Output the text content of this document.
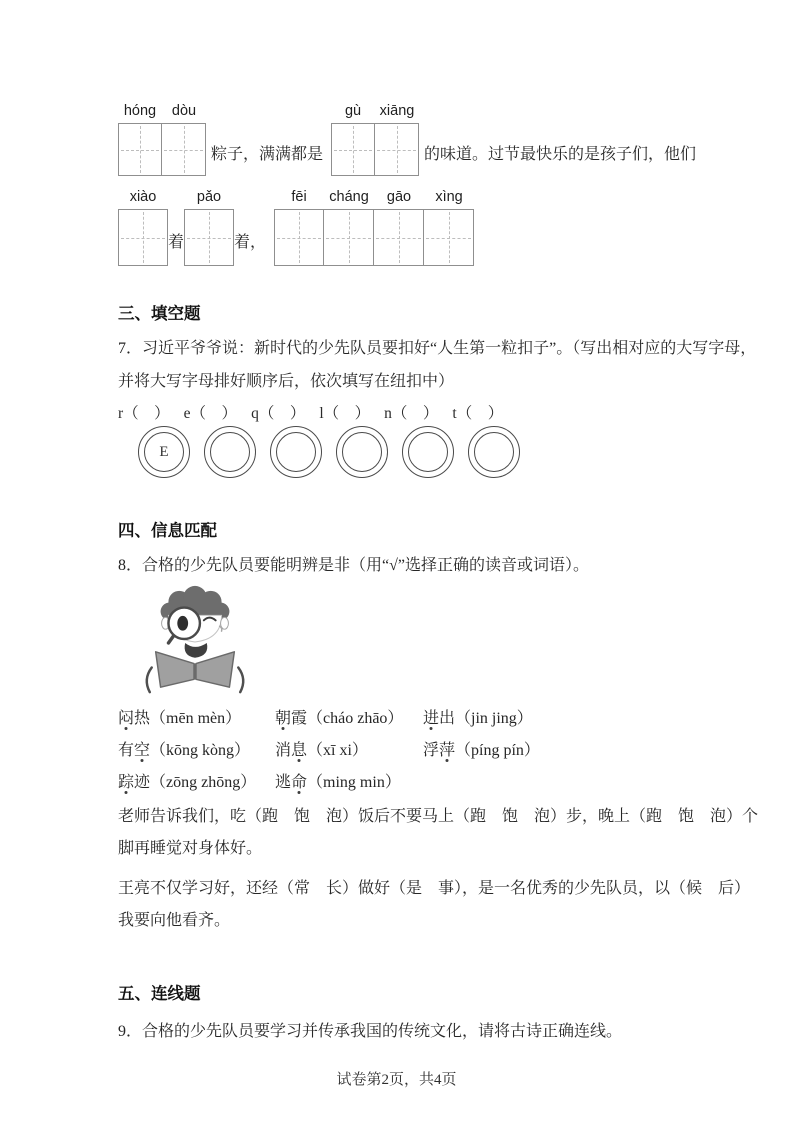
hóng	dòu
粽子，满满都是
gù	xiāng
的味道。过节最快乐的是孩子们，他们
xiào
着
pǎo
着，
fēi	cháng	gāo	xìng
三、填空题
7．习近平爷爷说：新时代的少先队员要扣好“人生第一粒扣子”。（写出相对应的大写字母，
并将大写字母排好顺序后，依次填写在纽扣中）
r（　） e（　） q（　） l（　） n（　） t（　）
E
四、信息匹配
8．合格的少先队员要能明辨是非（用“√”选择正确的读音或词语）。
闷热（mēn mèn）	朝霞（cháo zhāo）	进出（jin jing）
有空（kōng kòng）	消息（xī xi）	浮萍（píng pín）
踪迹（zōng zhōng）	逃命（ming min）
老师告诉我们，吃（跑　饱　泡）饭后不要马上（跑　饱　泡）步，晚上（跑　饱　泡）个
脚再睡觉对身体好。
王亮不仅学习好，还经（常　长）做好（是　事），是一名优秀的少先队员，以（候　后）
我要向他看齐。
五、连线题
9．合格的少先队员要学习并传承我国的传统文化，请将古诗正确连线。
试卷第2页，共4页
